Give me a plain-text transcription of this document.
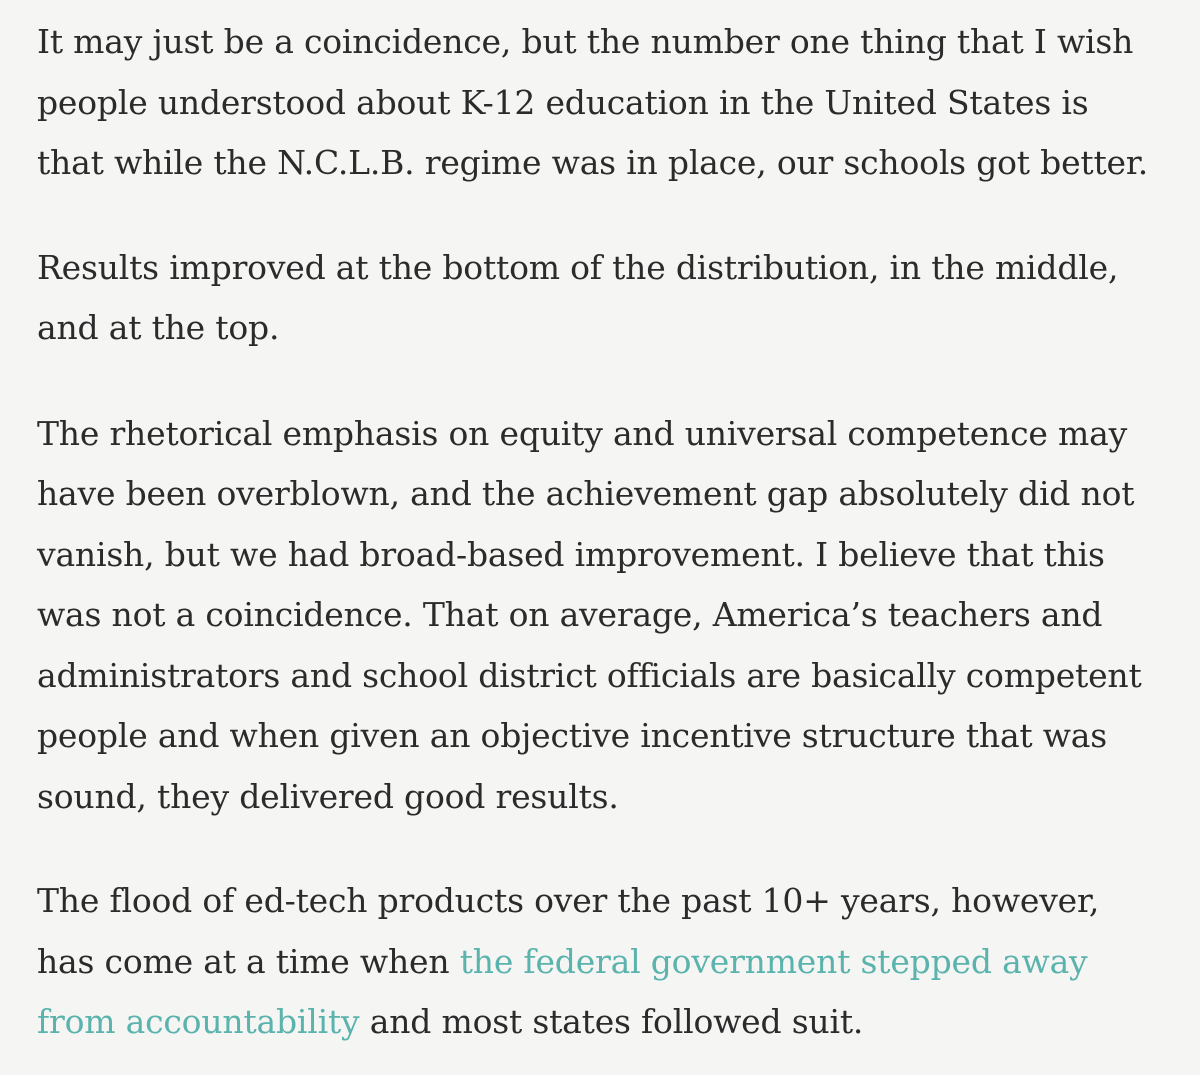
It may just be a coincidence, but the number one thing that I wish people understood about K-12 education in the United States is that while the N.C.L.B. regime was in place, our schools got better.

Results improved at the bottom of the distribution, in the middle, and at the top.

The rhetorical emphasis on equity and universal competence may have been overblown, and the achievement gap absolutely did not vanish, but we had broad-based improvement. I believe that this was not a coincidence. That on average, America’s teachers and administrators and school district officials are basically competent people and when given an objective incentive structure that was sound, they delivered good results.

The flood of ed-tech products over the past 10+ years, however, has come at a time when the federal government stepped away from accountability and most states followed suit.
